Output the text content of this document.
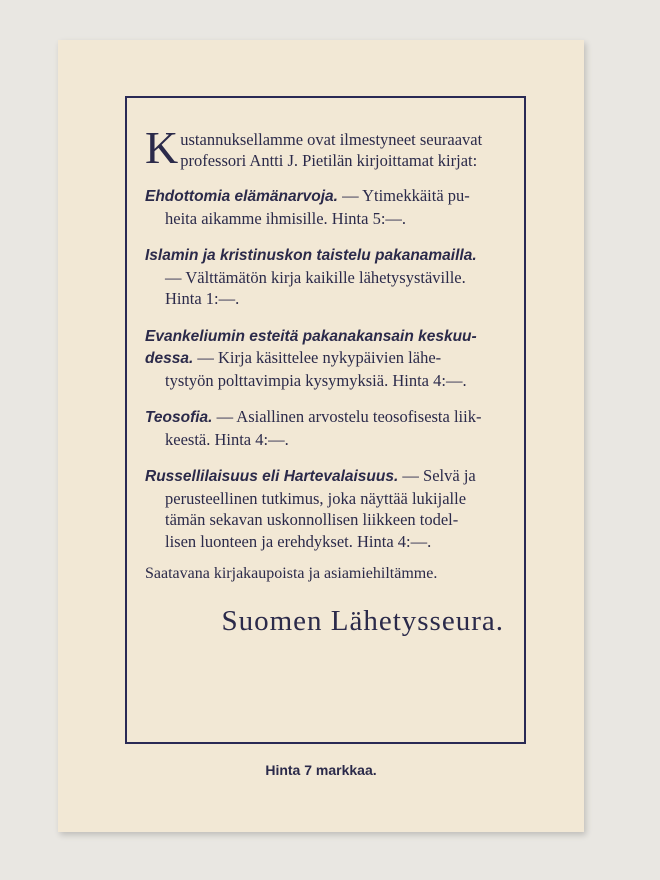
K ustannuksellamme ovat ilmestyneet seuraavat
professori Antti J. Pietilän kirjoittamat kirjat:
Ehdottomia elämänarvoja. — Ytimekkäitä pu-
heita aikamme ihmisille. Hinta 5:—.
Islamin ja kristinuskon taistelu pakanamailla.
— Välttämätön kirja kaikille lähetysystäville.
Hinta 1:—.
Evankeliumin esteitä pakanakansain keskuu-
dessa. — Kirja käsittelee nykypäivien lähe-
tystyön polttavimpia kysymyksiä. Hinta 4:—.
Teosofia. — Asiallinen arvostelu teosofisesta liik-
keestä. Hinta 4:—.
Russellilaisuus eli Hartevalaisuus. — Selvä ja
perusteellinen tutkimus, joka näyttää lukijalle
tämän sekavan uskonnollisen liikkeen todel-
lisen luonteen ja erehdykset. Hinta 4:—.
Saatavana kirjakaupoista ja asiamiehiltämme.
Suomen Lähetysseura.
Hinta 7 markkaa.
